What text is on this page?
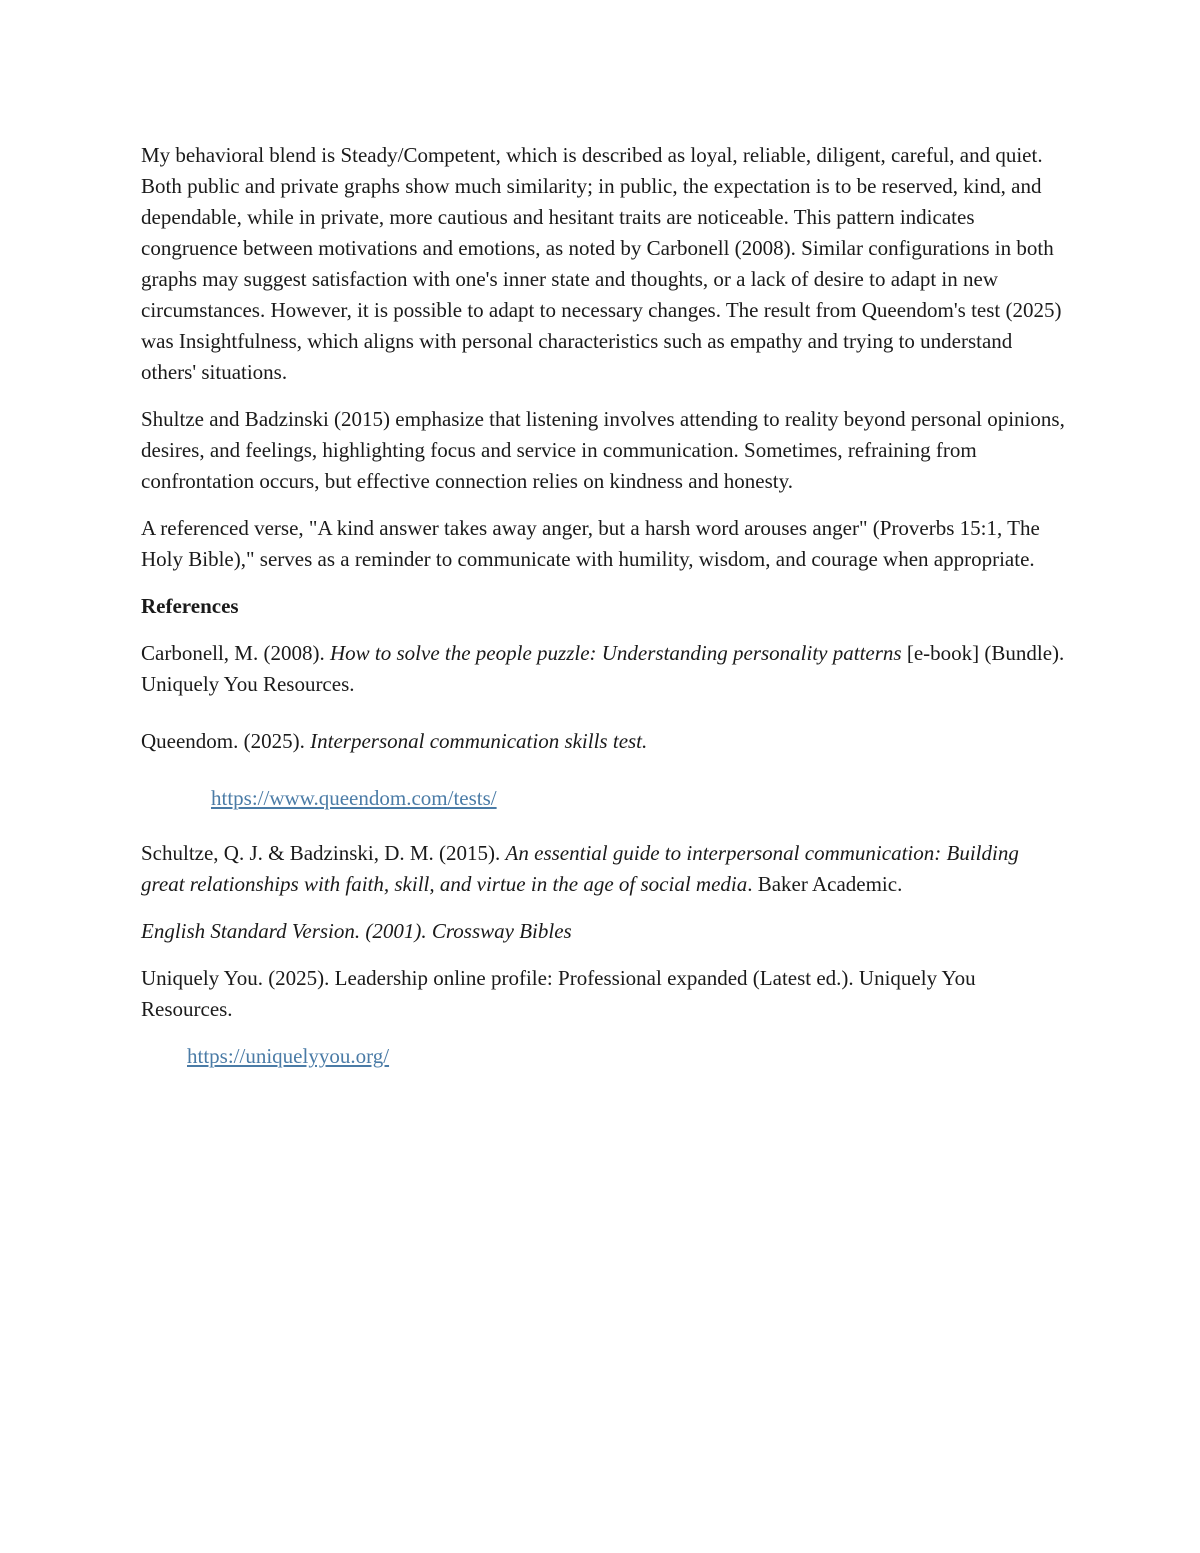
My behavioral blend is Steady/Competent, which is described as loyal, reliable, diligent, careful, and quiet. Both public and private graphs show much similarity; in public, the expectation is to be reserved, kind, and dependable, while in private, more cautious and hesitant traits are noticeable. This pattern indicates congruence between motivations and emotions, as noted by Carbonell (2008). Similar configurations in both graphs may suggest satisfaction with one's inner state and thoughts, or a lack of desire to adapt in new circumstances. However, it is possible to adapt to necessary changes. The result from Queendom's test (2025) was Insightfulness, which aligns with personal characteristics such as empathy and trying to understand others' situations.

Shultze and Badzinski (2015) emphasize that listening involves attending to reality beyond personal opinions, desires, and feelings, highlighting focus and service in communication. Sometimes, refraining from confrontation occurs, but effective connection relies on kindness and honesty.

A referenced verse, "A kind answer takes away anger, but a harsh word arouses anger" (Proverbs 15:1, The Holy Bible)," serves as a reminder to communicate with humility, wisdom, and courage when appropriate.

References

Carbonell, M. (2008). How to solve the people puzzle: Understanding personality patterns [e-book] (Bundle). Uniquely You Resources.

Queendom. (2025). Interpersonal communication skills test.

https://www.queendom.com/tests/

Schultze, Q. J. & Badzinski, D. M. (2015). An essential guide to interpersonal communication: Building great relationships with faith, skill, and virtue in the age of social media. Baker Academic.

English Standard Version. (2001). Crossway Bibles

Uniquely You. (2025). Leadership online profile: Professional expanded (Latest ed.). Uniquely You Resources.

https://uniquelyyou.org/
